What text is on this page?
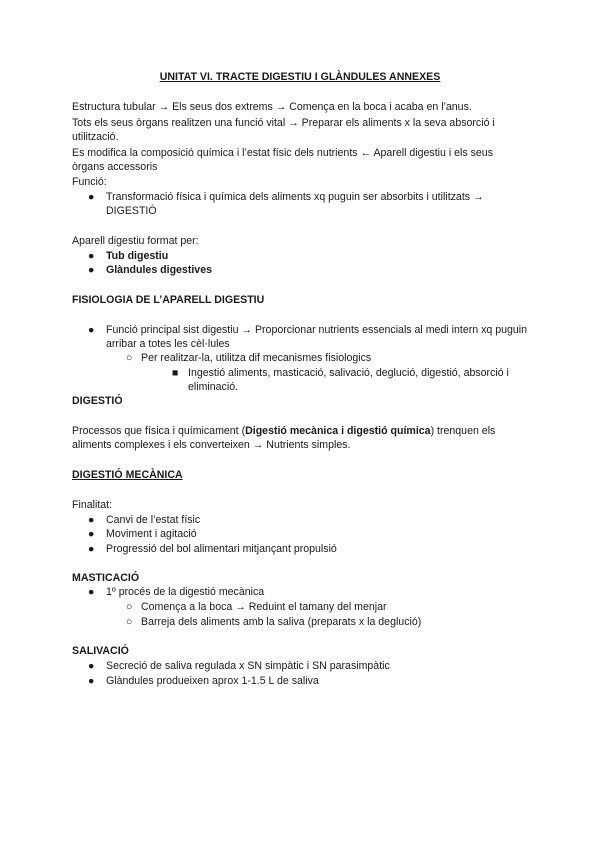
UNITAT VI. TRACTE DIGESTIU I GLÀNDULES ANNEXES
Estructura tubular → Els seus dos extrems → Comença en la boca i acaba en l’anus.
Tots els seus òrgans realitzen una funció vital → Preparar els aliments x la seva absorció i utilització.
Es modifica la composició química i l’estat físic dels nutrients ← Aparell digestiu i els seus òrgans accessoris
Funció:
●	Transformació física i química dels aliments xq puguin ser absorbits i utilitzats → DIGESTIÓ
Aparell digestiu format per:
●	Tub digestiu
●	Glàndules digestives
FISIOLOGIA DE L’APARELL DIGESTIU
●	Funció principal sist digestiu → Proporcionar nutrients essencials al medi intern xq puguin arribar a totes les cèl·lules
○ Per realitzar-la, utilitza dif mecanismes fisiologics
■ Ingestió aliments, masticació, salivació, deglució, digestió, absorció i eliminació.
DIGESTIÓ
Processos que física i químicament (Digestió mecànica i digestió química) trenquen els aliments complexes i els converteixen → Nutrients simples.
DIGESTIÓ MECÀNICA
Finalitat:
●	Canvi de l’estat físic
●	Moviment i agitació
●	Progressió del bol alimentari mitjançant propulsió
MASTICACIÓ
●	1º procés de la digestió mecànica
○ Comença a la boca → Reduint el tamany del menjar
○ Barreja dels aliments amb la saliva (preparats x la deglució)
SALIVACIÓ
●	Secreció de saliva regulada x SN simpàtic i SN parasimpàtic
●	Glàndules produeixen aprox 1-1.5 L de saliva
